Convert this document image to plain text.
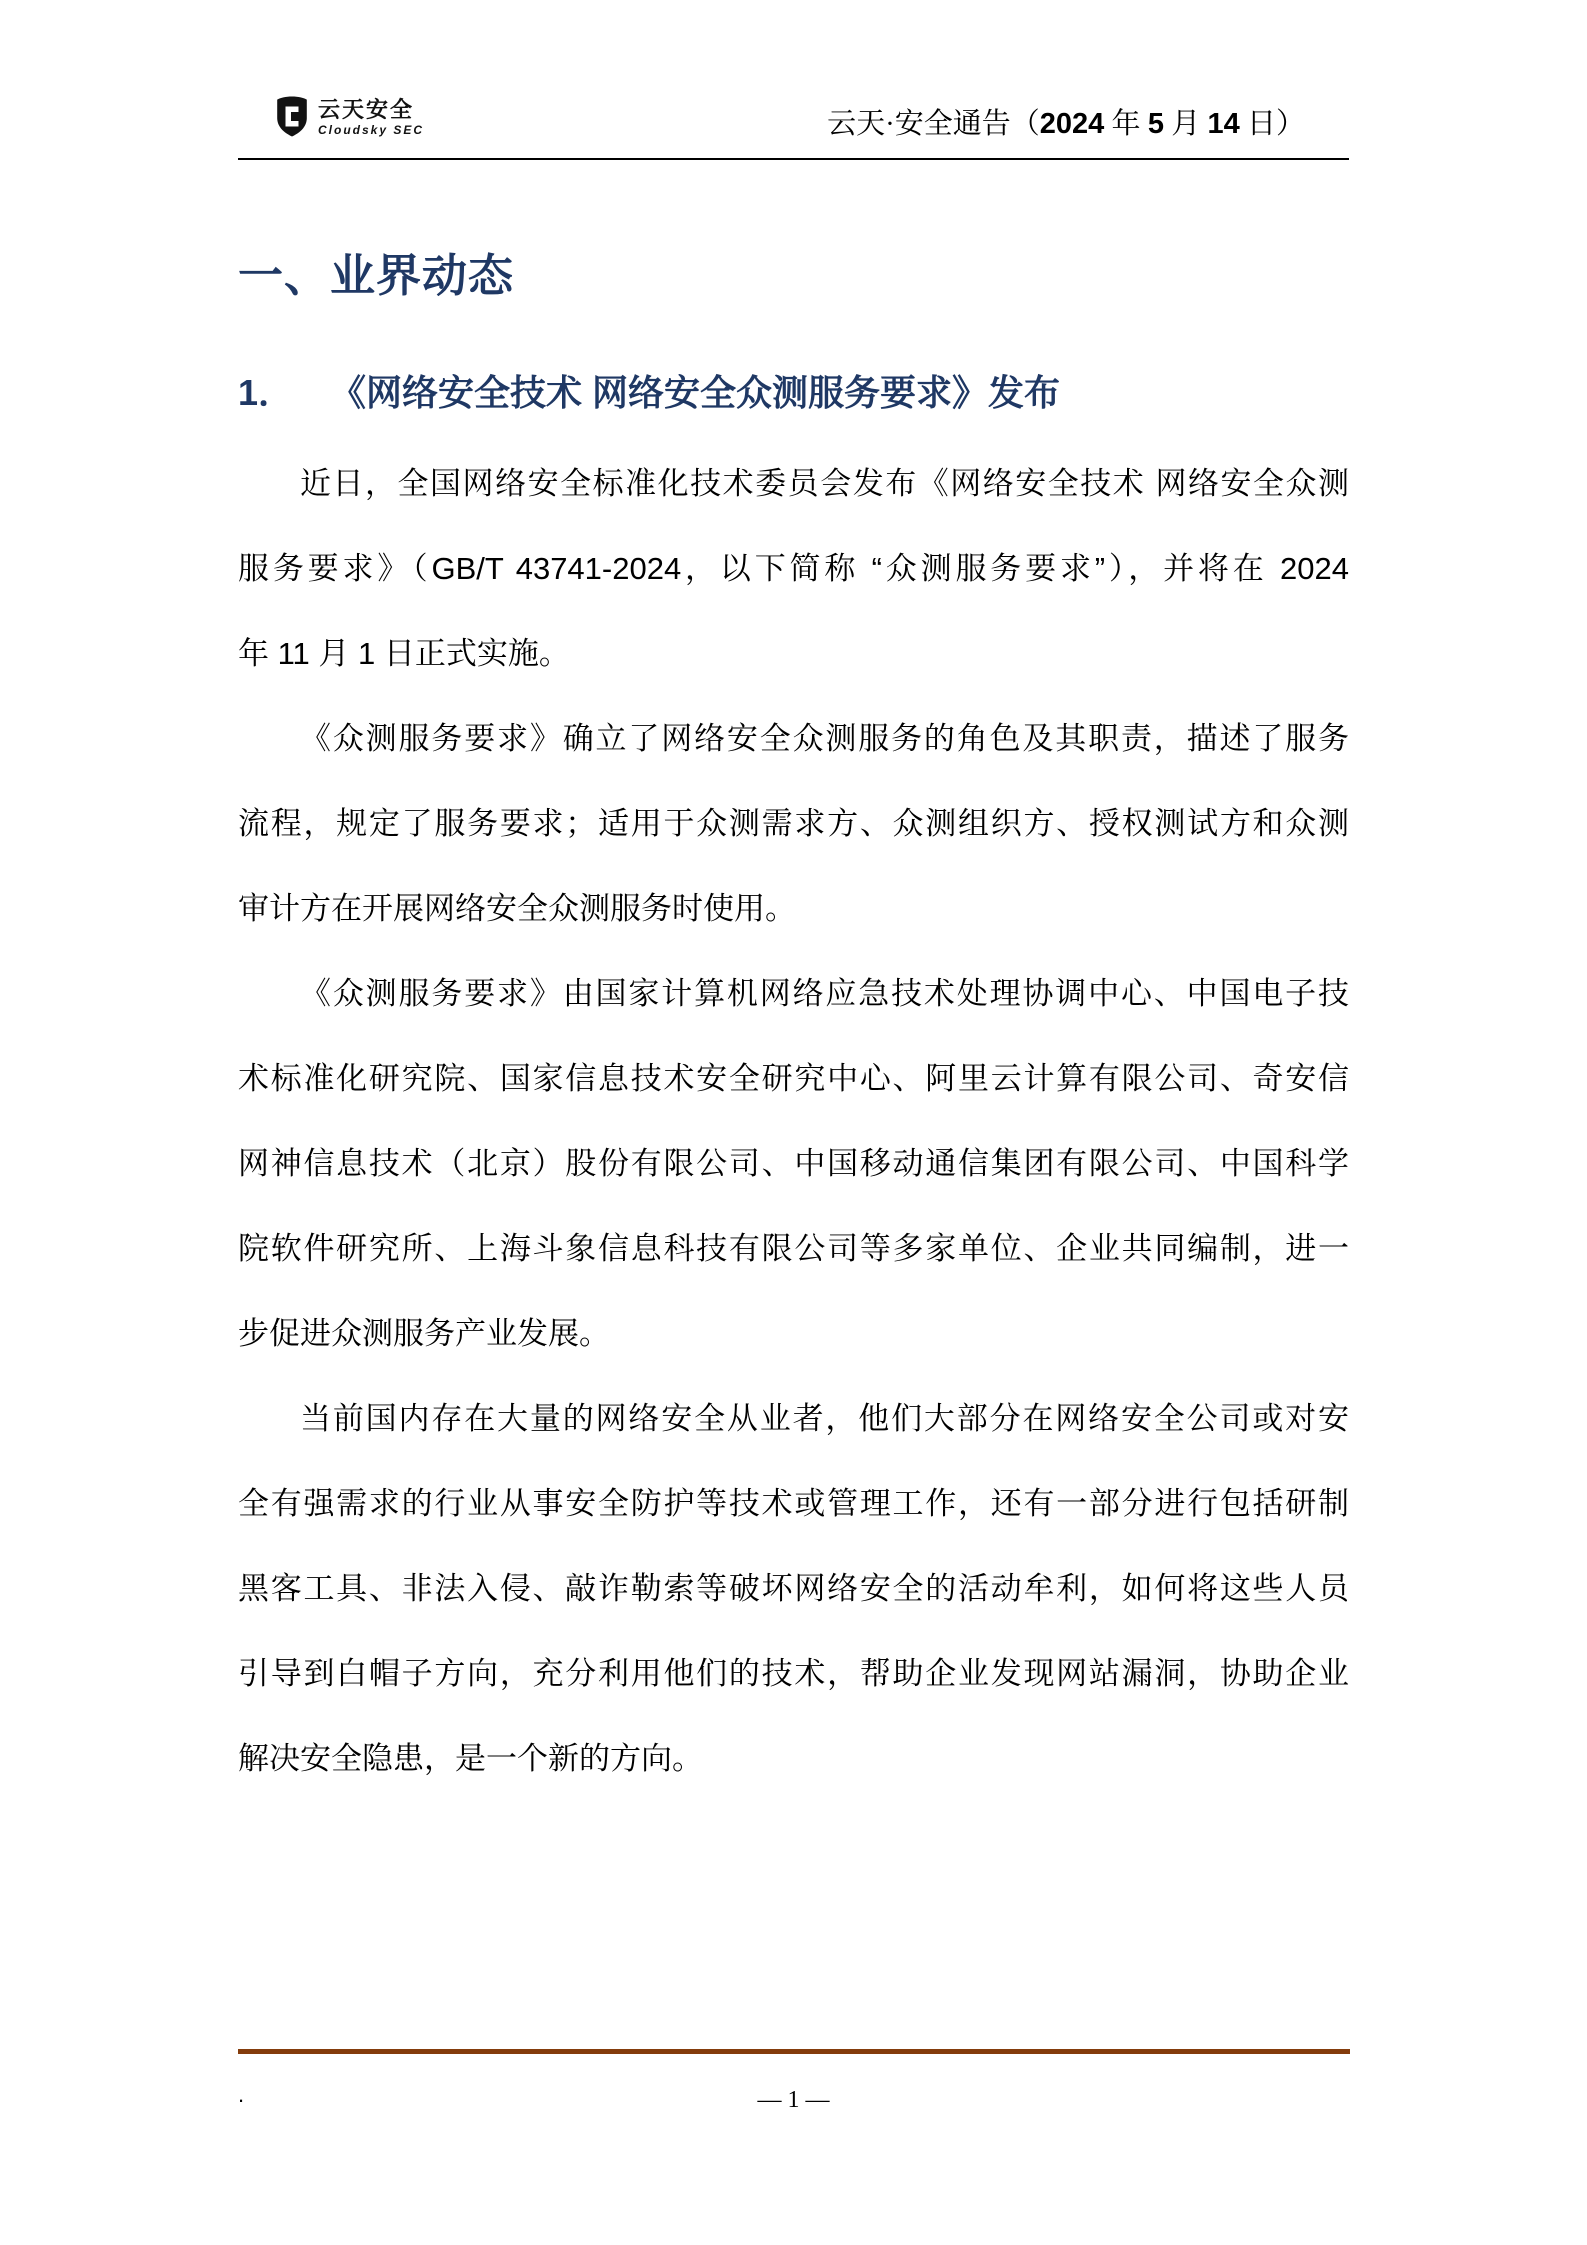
云天安全
Cloudsky SEC	云天·安全通告（2024 年 5 月 14 日）
一、业界动态
1． 《网络安全技术 网络安全众测服务要求》发布
近日，全国网络安全标准化技术委员会发布《网络安全技术 网络安全众测
服务要求》（GB/T 43741-2024，以下简称 “众测服务要求”），并将在 2024
年 11 月 1 日正式实施。
《众测服务要求》确立了网络安全众测服务的角色及其职责，描述了服务
流程，规定了服务要求；适用于众测需求方、众测组织方、授权测试方和众测
审计方在开展网络安全众测服务时使用。
《众测服务要求》由国家计算机网络应急技术处理协调中心、中国电子技
术标准化研究院、国家信息技术安全研究中心、阿里云计算有限公司、奇安信
网神信息技术（北京）股份有限公司、中国移动通信集团有限公司、中国科学
院软件研究所、上海斗象信息科技有限公司等多家单位、企业共同编制，进一
步促进众测服务产业发展。
当前国内存在大量的网络安全从业者，他们大部分在网络安全公司或对安
全有强需求的行业从事安全防护等技术或管理工作，还有一部分进行包括研制
黑客工具、非法入侵、敲诈勒索等破坏网络安全的活动牟利，如何将这些人员
引导到白帽子方向，充分利用他们的技术，帮助企业发现网站漏洞，协助企业
解决安全隐患，是一个新的方向。
.	— 1 —
